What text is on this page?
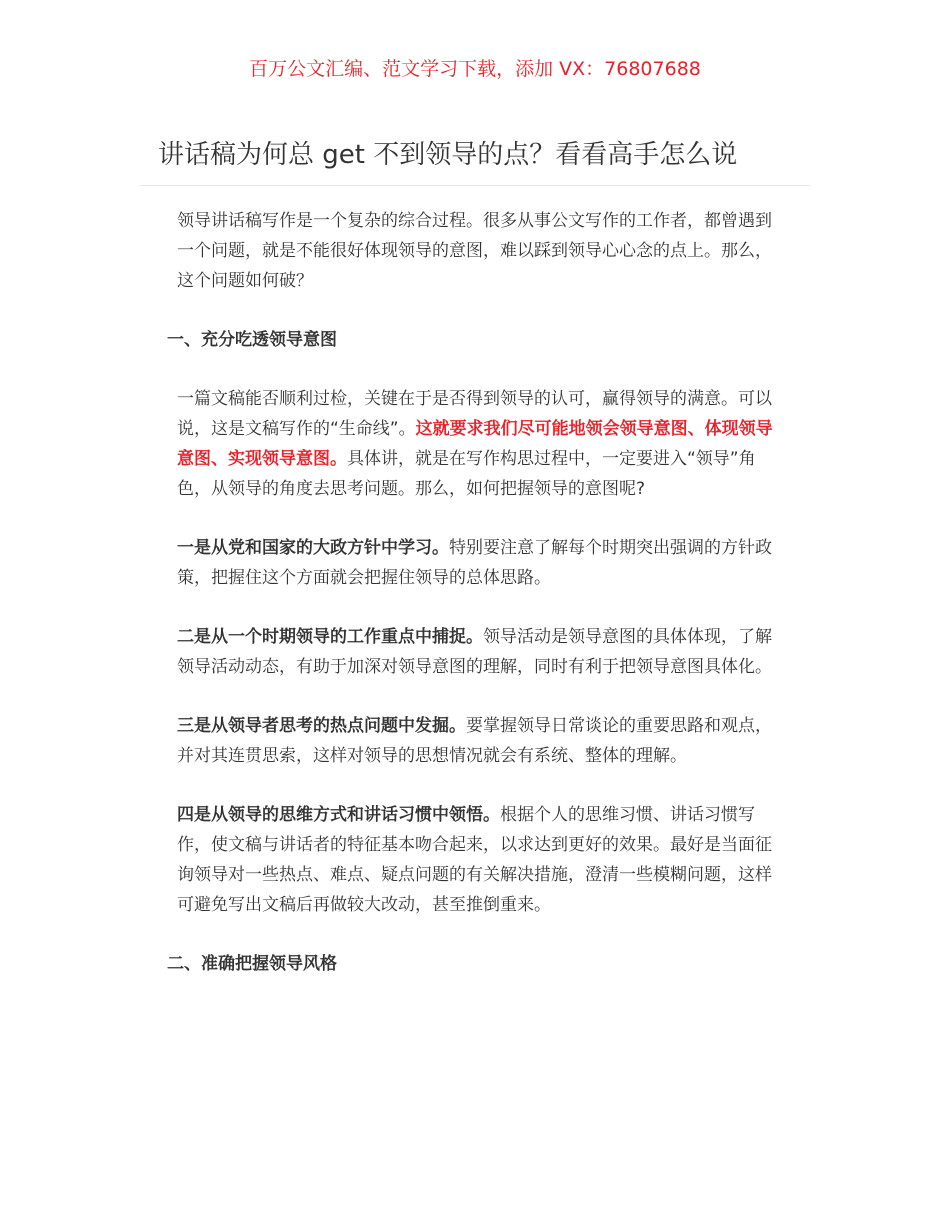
百万公文汇编、范文学习下载，添加 VX：76807688
讲话稿为何总 get 不到领导的点？看看高手怎么说

领导讲话稿写作是一个复杂的综合过程。很多从事公文写作的工作者，都曾遇到一个问题，就是不能很好体现领导的意图，难以踩到领导心心念的点上。那么，这个问题如何破？

一、充分吃透领导意图

一篇文稿能否顺利过检，关键在于是否得到领导的认可，赢得领导的满意。可以说，这是文稿写作的“生命线”。这就要求我们尽可能地领会领导意图、体现领导意图、实现领导意图。具体讲，就是在写作构思过程中，一定要进入“领导”角色，从领导的角度去思考问题。那么，如何把握领导的意图呢?

一是从党和国家的大政方针中学习。特别要注意了解每个时期突出强调的方针政策，把握住这个方面就会把握住领导的总体思路。

二是从一个时期领导的工作重点中捕捉。领导活动是领导意图的具体体现，了解领导活动动态，有助于加深对领导意图的理解，同时有利于把领导意图具体化。

三是从领导者思考的热点问题中发掘。要掌握领导日常谈论的重要思路和观点，并对其连贯思索，这样对领导的思想情况就会有系统、整体的理解。

四是从领导的思维方式和讲话习惯中领悟。根据个人的思维习惯、讲话习惯写作，使文稿与讲话者的特征基本吻合起来，以求达到更好的效果。最好是当面征询领导对一些热点、难点、疑点问题的有关解决措施，澄清一些模糊问题，这样可避免写出文稿后再做较大改动，甚至推倒重来。

二、准确把握领导风格
